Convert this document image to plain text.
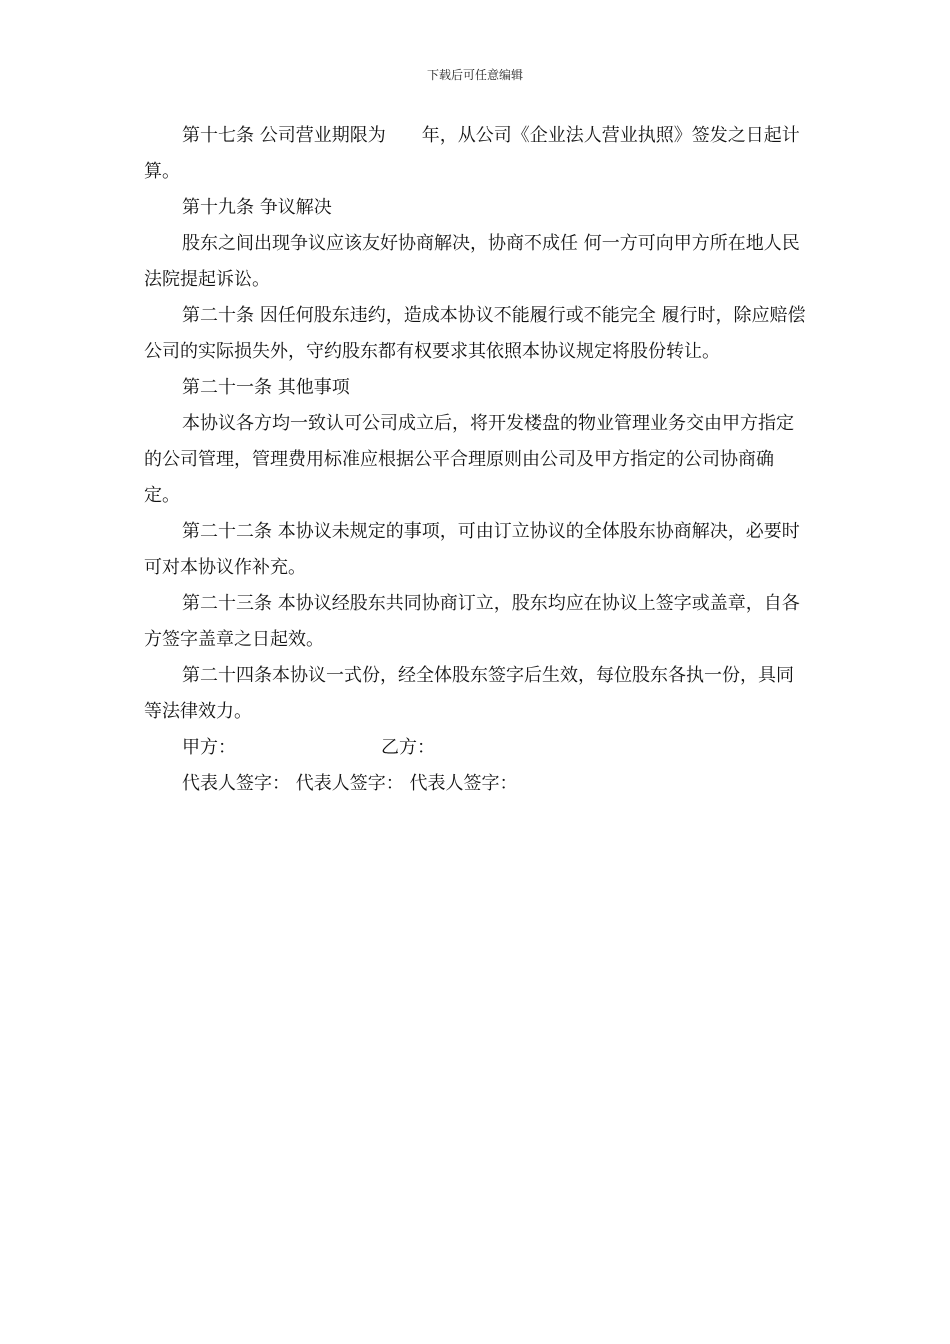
下载后可任意编辑

第十七条 公司营业期限为　　年，从公司《企业法人营业执照》签发之日起计算。

第十九条 争议解决

股东之间出现争议应该友好协商解决，协商不成任 何一方可向甲方所在地人民法院提起诉讼。

第二十条 因任何股东违约，造成本协议不能履行或不能完全 履行时，除应赔偿公司的实际损失外，守约股东都有权要求其依照本协议规定将股份转让。

第二十一条 其他事项

本协议各方均一致认可公司成立后，将开发楼盘的物业管理业务交由甲方指定的公司管理，管理费用标准应根据公平合理原则由公司及甲方指定的公司协商确定。

第二十二条 本协议未规定的事项，可由订立协议的全体股东协商解决，必要时可对本协议作补充。

第二十三条 本协议经股东共同协商订立，股东均应在协议上签字或盖章，自各方签字盖章之日起效。

第二十四条本协议一式份，经全体股东签字后生效，每位股东各执一份，具同等法律效力。

甲方：	乙方：
代表人签字： 代表人签字： 代表人签字：
